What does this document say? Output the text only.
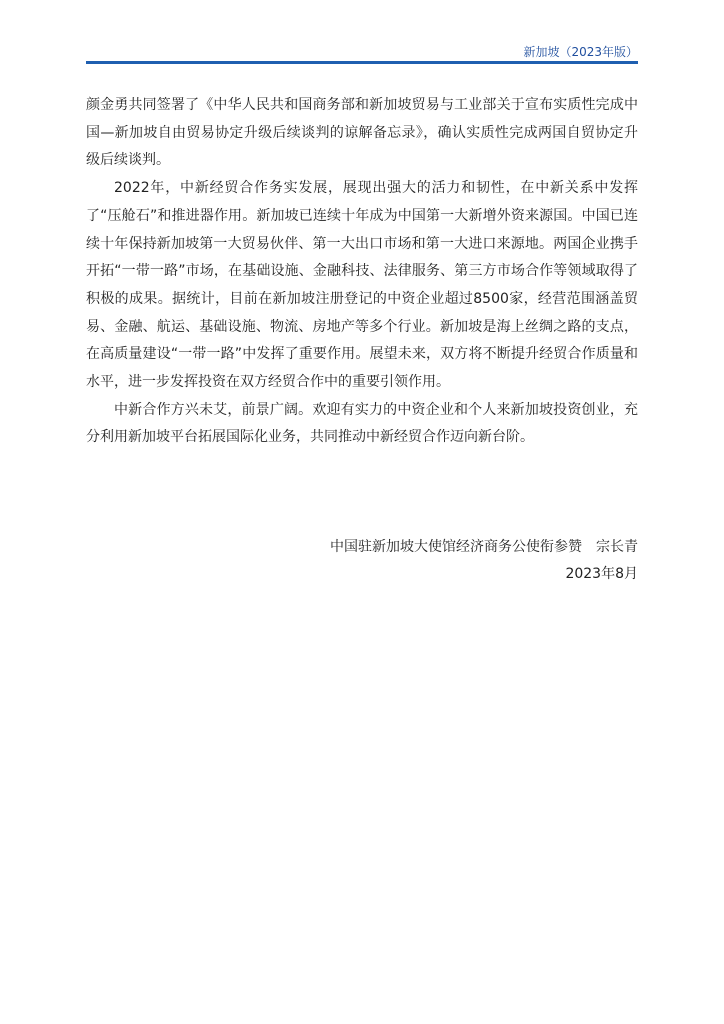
新加坡（2023年版）

颜金勇共同签署了《中华人民共和国商务部和新加坡贸易与工业部关于宣布实质性完成中国—新加坡自由贸易协定升级后续谈判的谅解备忘录》，确认实质性完成两国自贸协定升级后续谈判。

2022年，中新经贸合作务实发展，展现出强大的活力和韧性，在中新关系中发挥了“压舱石”和推进器作用。新加坡已连续十年成为中国第一大新增外资来源国。中国已连续十年保持新加坡第一大贸易伙伴、第一大出口市场和第一大进口来源地。两国企业携手开拓“一带一路”市场，在基础设施、金融科技、法律服务、第三方市场合作等领域取得了积极的成果。据统计，目前在新加坡注册登记的中资企业超过8500家，经营范围涵盖贸易、金融、航运、基础设施、物流、房地产等多个行业。新加坡是海上丝绸之路的支点，在高质量建设“一带一路”中发挥了重要作用。展望未来，双方将不断提升经贸合作质量和水平，进一步发挥投资在双方经贸合作中的重要引领作用。

中新合作方兴未艾，前景广阔。欢迎有实力的中资企业和个人来新加坡投资创业，充分利用新加坡平台拓展国际化业务，共同推动中新经贸合作迈向新台阶。

中国驻新加坡大使馆经济商务公使衔参赞　宗长青
2023年8月
